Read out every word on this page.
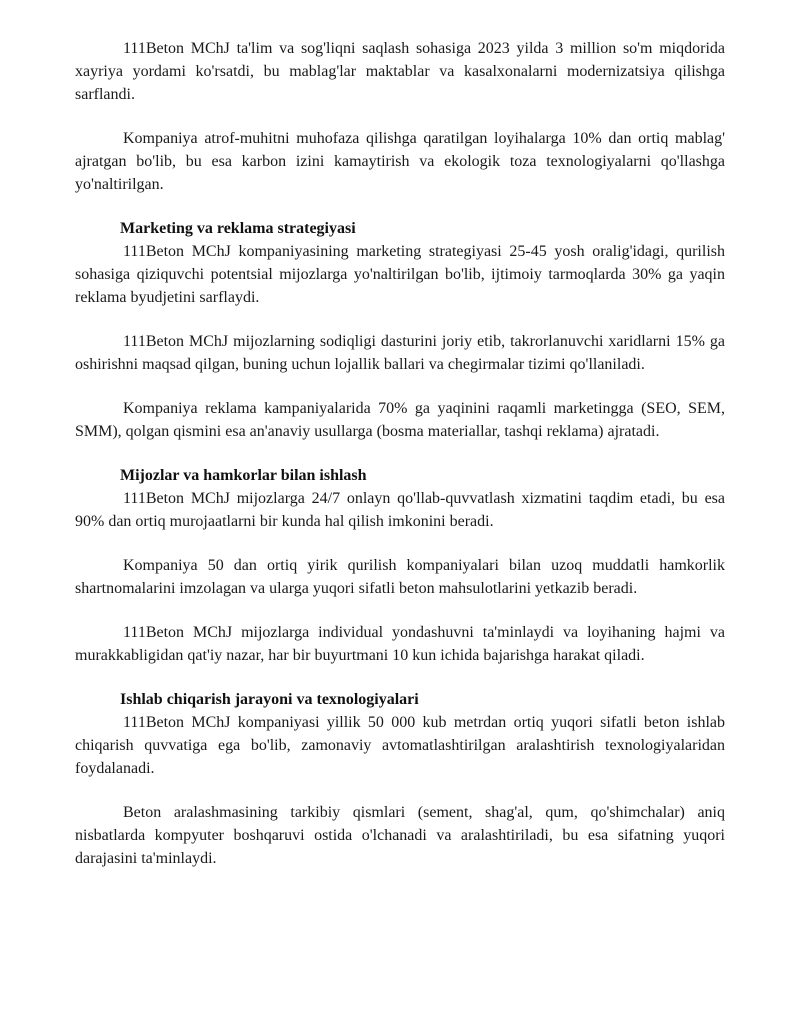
111Beton MChJ ta'lim va sog'liqni saqlash sohasiga 2023 yilda 3 million so'm miqdorida xayriya yordami ko'rsatdi, bu mablag'lar maktablar va kasalxonalarni modernizatsiya qilishga sarflandi.

Kompaniya atrof-muhitni muhofaza qilishga qaratilgan loyihalarga 10% dan ortiq mablag' ajratgan bo'lib, bu esa karbon izini kamaytirish va ekologik toza texnologiyalarni qo'llashga yo'naltirilgan.

Marketing va reklama strategiyasi

111Beton MChJ kompaniyasining marketing strategiyasi 25-45 yosh oralig'idagi, qurilish sohasiga qiziquvchi potentsial mijozlarga yo'naltirilgan bo'lib, ijtimoiy tarmoqlarda 30% ga yaqin reklama byudjetini sarflaydi.

111Beton MChJ mijozlarning sodiqligi dasturini joriy etib, takrorlanuvchi xaridlarni 15% ga oshirishni maqsad qilgan, buning uchun lojallik ballari va chegirmalar tizimi qo'llaniladi.

Kompaniya reklama kampaniyalarida 70% ga yaqinini raqamli marketingga (SEO, SEM, SMM), qolgan qismini esa an'anaviy usullarga (bosma materiallar, tashqi reklama) ajratadi.

Mijozlar va hamkorlar bilan ishlash

111Beton MChJ mijozlarga 24/7 onlayn qo'llab-quvvatlash xizmatini taqdim etadi, bu esa 90% dan ortiq murojaatlarni bir kunda hal qilish imkonini beradi.

Kompaniya 50 dan ortiq yirik qurilish kompaniyalari bilan uzoq muddatli hamkorlik shartnomalarini imzolagan va ularga yuqori sifatli beton mahsulotlarini yetkazib beradi.

111Beton MChJ mijozlarga individual yondashuvni ta'minlaydi va loyihaning hajmi va murakkabligidan qat'iy nazar, har bir buyurtmani 10 kun ichida bajarishga harakat qiladi.

Ishlab chiqarish jarayoni va texnologiyalari

111Beton MChJ kompaniyasi yillik 50 000 kub metrdan ortiq yuqori sifatli beton ishlab chiqarish quvvatiga ega bo'lib, zamonaviy avtomatlashtirilgan aralashtirish texnologiyalaridan foydalanadi.

Beton aralashmasining tarkibiy qismlari (sement, shag'al, qum, qo'shimchalar) aniq nisbatlarda kompyuter boshqaruvi ostida o'lchanadi va aralashtiriladi, bu esa sifatning yuqori darajasini ta'minlaydi.
